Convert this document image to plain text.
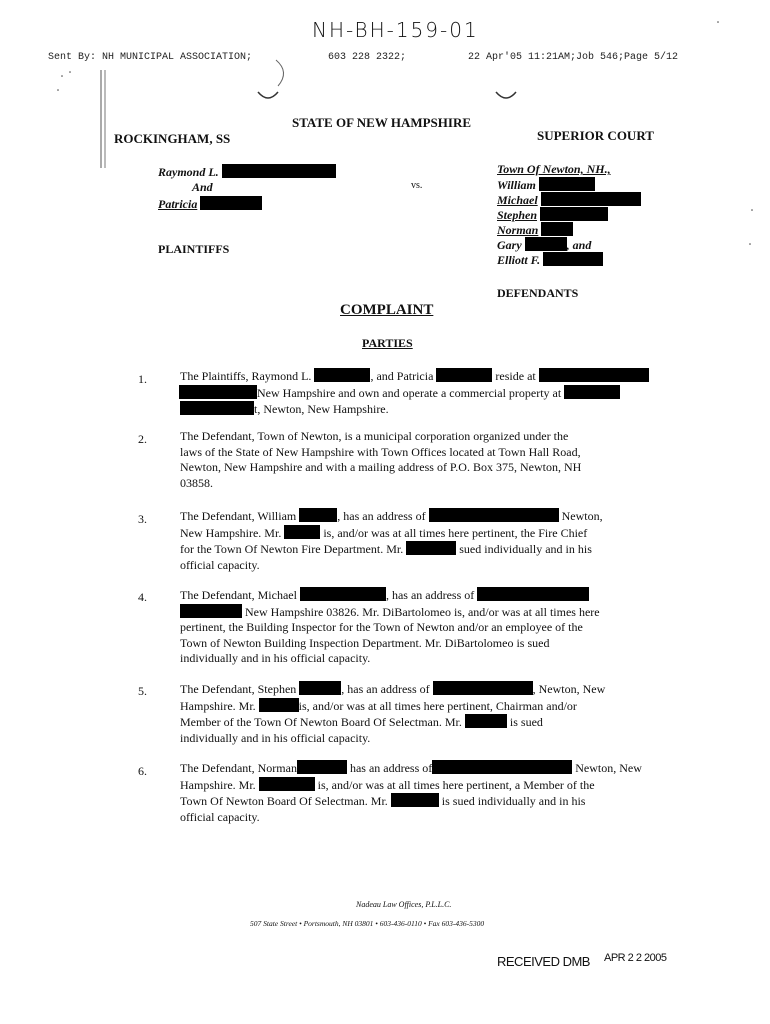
NH-BH-159-01
Sent By: NH MUNICIPAL ASSOCIATION;	603 228 2322;	22 Apr'05 11:21AM;Job 546;Page 5/12
STATE OF NEW HAMPSHIRE
ROCKINGHAM, SS	SUPERIOR COURT
Raymond L.
And
Patricia
PLAINTIFFS
vs.
Town Of Newton, NH.,
William
Michael
Stephen
Norman
Gary	, and
Elliott F.
DEFENDANTS
COMPLAINT
PARTIES
1.	The Plaintiffs, Raymond L.	, and Patricia	reside at
New Hampshire and own and operate a commercial property at
t, Newton, New Hampshire.
2.	The Defendant, Town of Newton, is a municipal corporation organized under the
laws of the State of New Hampshire with Town Offices located at Town Hall Road,
Newton, New Hampshire and with a mailing address of P.O. Box 375, Newton, NH
03858.
3.	The Defendant, William	, has an address of	Newton,
New Hampshire. Mr.	is, and/or was at all times here pertinent, the Fire Chief
for the Town Of Newton Fire Department. Mr.	sued individually and in his
official capacity.
4.	The Defendant, Michael	, has an address of
New Hampshire 03826. Mr. DiBartolomeo is, and/or was at all times here
pertinent, the Building Inspector for the Town of Newton and/or an employee of the
Town of Newton Building Inspection Department. Mr. DiBartolomeo is sued
individually and in his official capacity.
5.	The Defendant, Stephen	, has an address of	, Newton, New
Hampshire. Mr.	is, and/or was at all times here pertinent, Chairman and/or
Member of the Town Of Newton Board Of Selectman. Mr.	is sued
individually and in his official capacity.
6.	The Defendant, Norman	has an address of	Newton, New
Hampshire. Mr.	is, and/or was at all times here pertinent, a Member of the
Town Of Newton Board Of Selectman. Mr.	is sued individually and in his
official capacity.
Nadeau Law Offices, P.L.L.C.
507 State Street • Portsmouth, NH 03801 • 603-436-0110 • Fax 603-436-5300
RECEIVED DMB APR 2 2 2005
